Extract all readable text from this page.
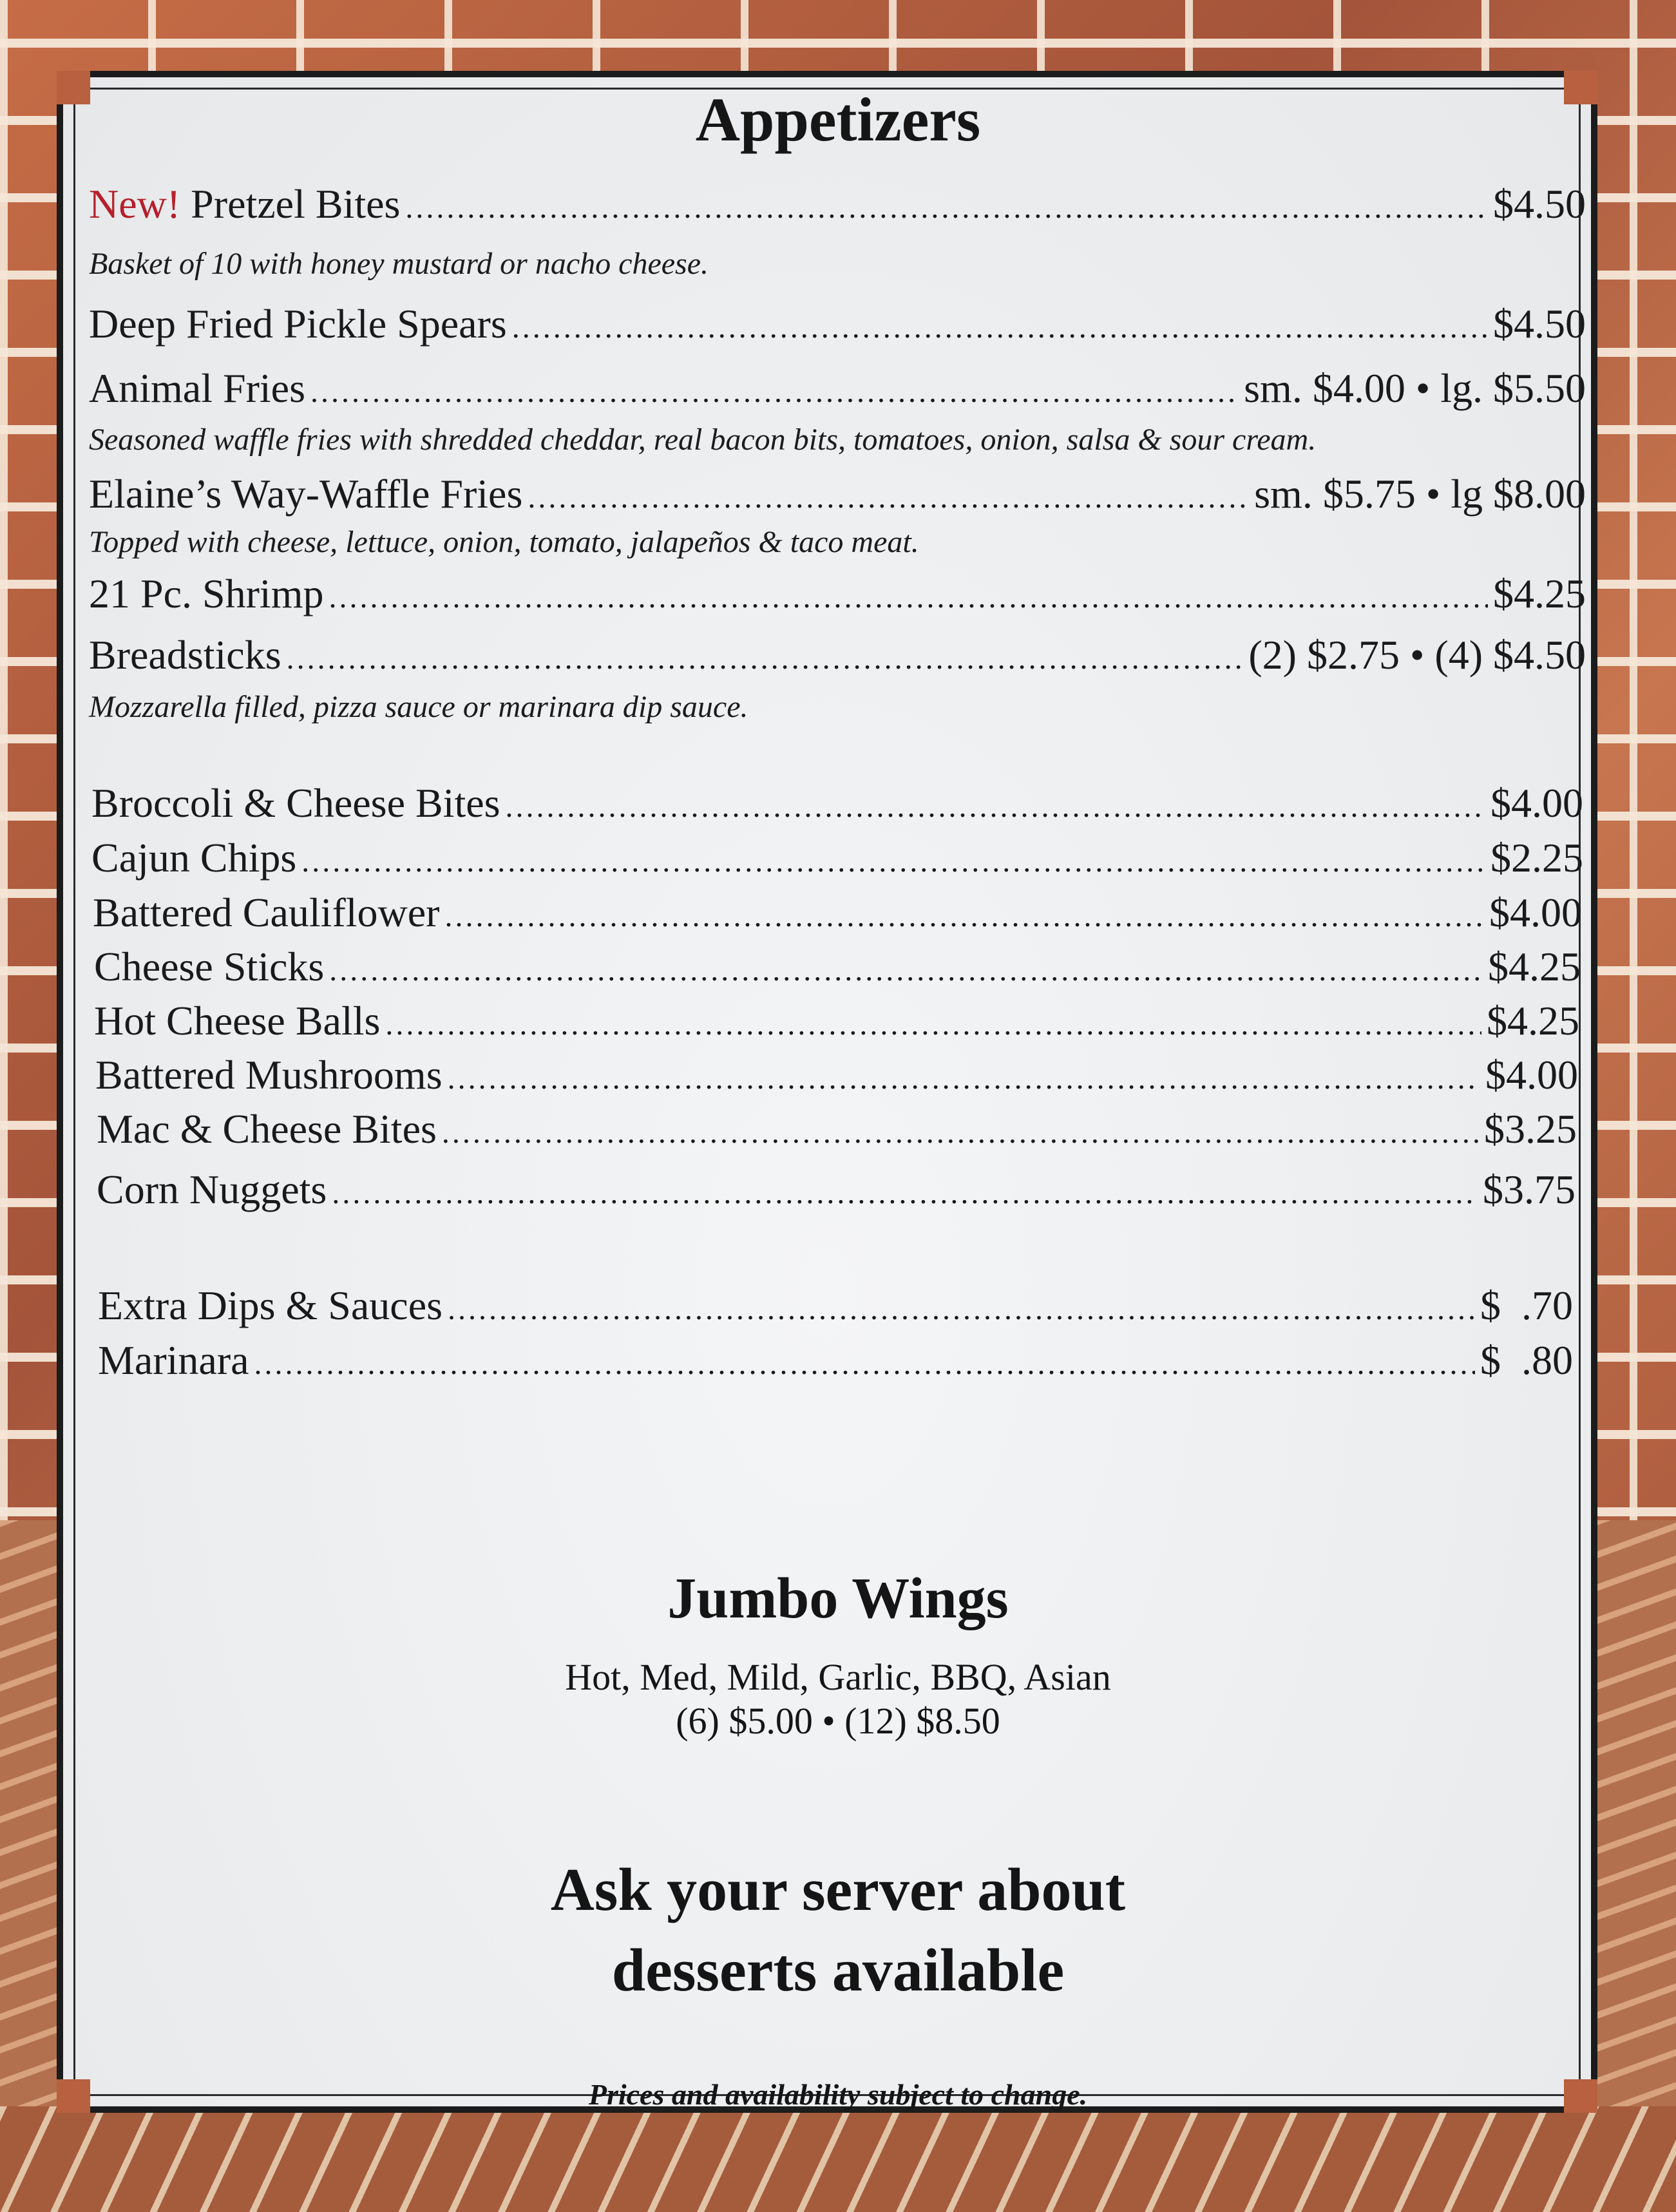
Appetizers
New! Pretzel Bites .....	$4.50
Basket of 10 with honey mustard or nacho cheese.
Deep Fried Pickle Spears .....	$4.50
Animal Fries .....	sm. $4.00 • lg. $5.50
Seasoned waffle fries with shredded cheddar, real bacon bits, tomatoes, onion, salsa & sour cream.
Elaine’s Way-Waffle Fries .....	sm. $5.75 • lg $8.00
Topped with cheese, lettuce, onion, tomato, jalapeños & taco meat.
21 Pc. Shrimp .....	$4.25
Breadsticks .....	(2) $2.75 • (4) $4.50
Mozzarella filled, pizza sauce or marinara dip sauce.
Broccoli & Cheese Bites .....	$4.00
Cajun Chips .....	$2.25
Battered Cauliflower .....	$4.00
Cheese Sticks .....	$4.25
Hot Cheese Balls .....	$4.25
Battered Mushrooms .....	$4.00
Mac & Cheese Bites .....	$3.25
Corn Nuggets .....	$3.75
Extra Dips & Sauces .....	$  .70
Marinara .....	$  .80
Jumbo Wings
Hot, Med, Mild, Garlic, BBQ, Asian
(6) $5.00 • (12) $8.50
Ask your server about
desserts available
Prices and availability subject to change.
